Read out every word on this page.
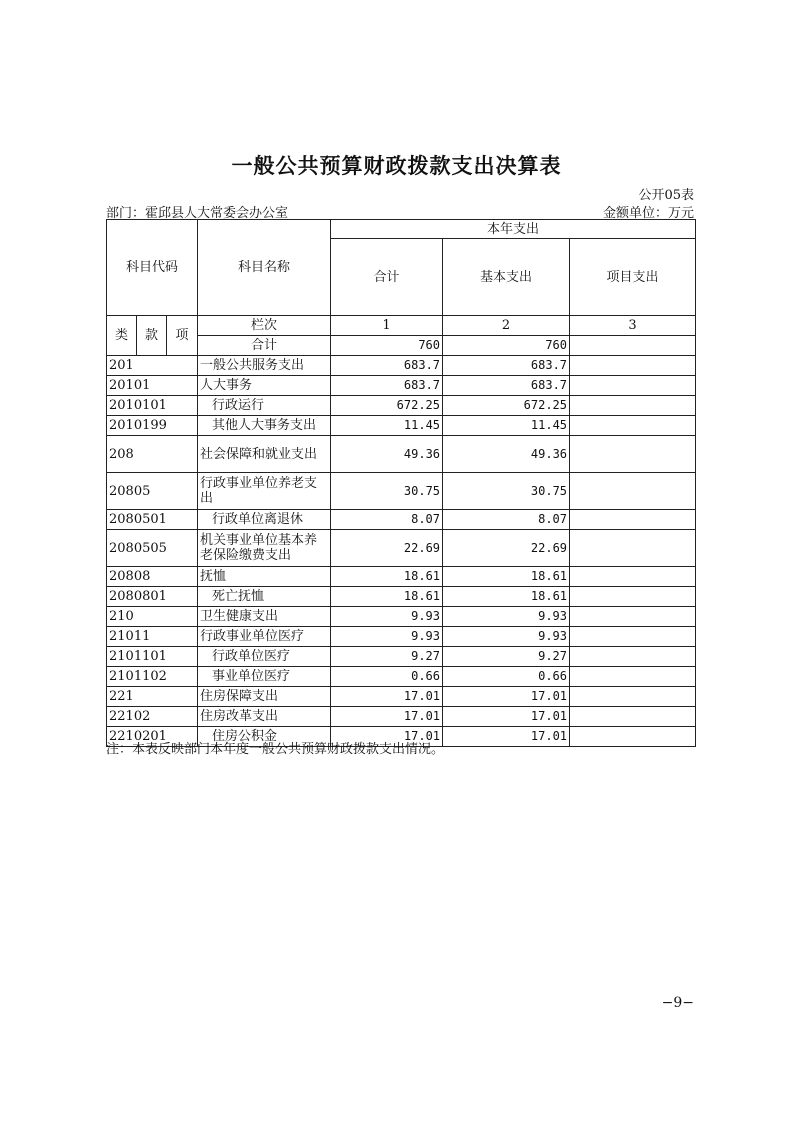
一般公共预算财政拨款支出决算表
公开05表
部门：霍邱县人大常委会办公室	金额单位：万元
科目代码			科目名称	本年支出		
				合计	基本支出	项目支出
类	款	项	栏次	1	2	3
			合计	760	760	
201			一般公共服务支出	683.7	683.7	
20101			人大事务	683.7	683.7	
2010101			行政运行	672.25	672.25	
2010199			其他人大事务支出	11.45	11.45	
208			社会保障和就业支出	49.36	49.36	
20805			行政事业单位养老支出	30.75	30.75	
2080501			行政单位离退休	8.07	8.07	
2080505			机关事业单位基本养老保险缴费支出	22.69	22.69	
20808			抚恤	18.61	18.61	
2080801			死亡抚恤	18.61	18.61	
210			卫生健康支出	9.93	9.93	
21011			行政事业单位医疗	9.93	9.93	
2101101			行政单位医疗	9.27	9.27	
2101102			事业单位医疗	0.66	0.66	
221			住房保障支出	17.01	17.01	
22102			住房改革支出	17.01	17.01	
2210201			住房公积金	17.01	17.01	
注：本表反映部门本年度一般公共预算财政拨款支出情况。
−9−
